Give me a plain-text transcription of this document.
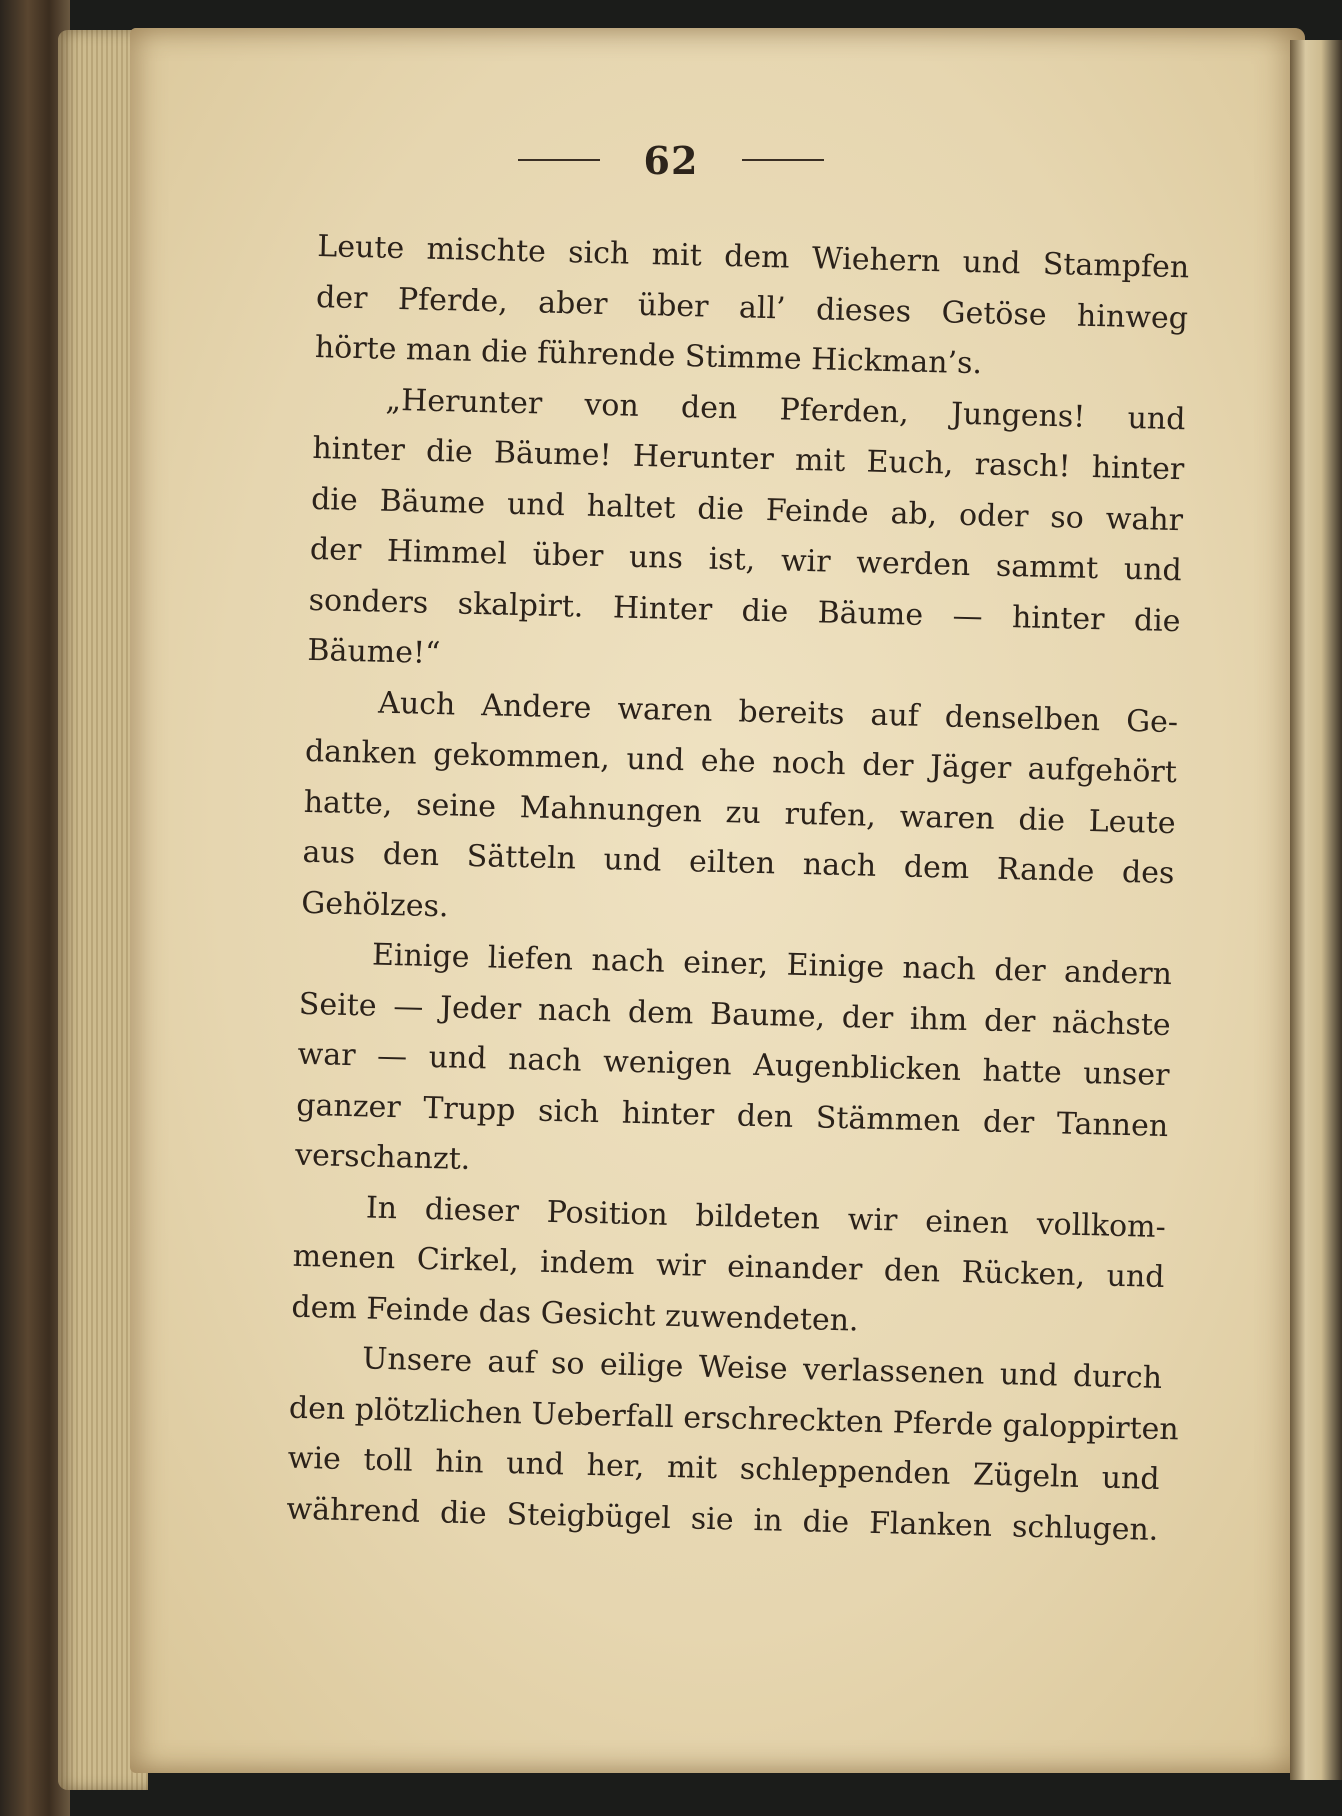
62
Leute mischte sich mit dem Wiehern und Stampfen
der Pferde, aber über all’ dieses Getöse hinweg
hörte man die führende Stimme Hickman’s.
„Herunter von den Pferden, Jungens! und
hinter die Bäume! Herunter mit Euch, rasch! hinter
die Bäume und haltet die Feinde ab, oder so wahr
der Himmel über uns ist, wir werden sammt und
sonders skalpirt. Hinter die Bäume — hinter die
Bäume!“
Auch Andere waren bereits auf denselben Ge-
danken gekommen, und ehe noch der Jäger aufgehört
hatte, seine Mahnungen zu rufen, waren die Leute
aus den Sätteln und eilten nach dem Rande des
Gehölzes.
Einige liefen nach einer, Einige nach der andern
Seite — Jeder nach dem Baume, der ihm der nächste
war — und nach wenigen Augenblicken hatte unser
ganzer Trupp sich hinter den Stämmen der Tannen
verschanzt.
In dieser Position bildeten wir einen vollkom-
menen Cirkel, indem wir einander den Rücken, und
dem Feinde das Gesicht zuwendeten.
Unsere auf so eilige Weise verlassenen und durch
den plötzlichen Ueberfall erschreckten Pferde galoppirten
wie toll hin und her, mit schleppenden Zügeln und
während die Steigbügel sie in die Flanken schlugen.
